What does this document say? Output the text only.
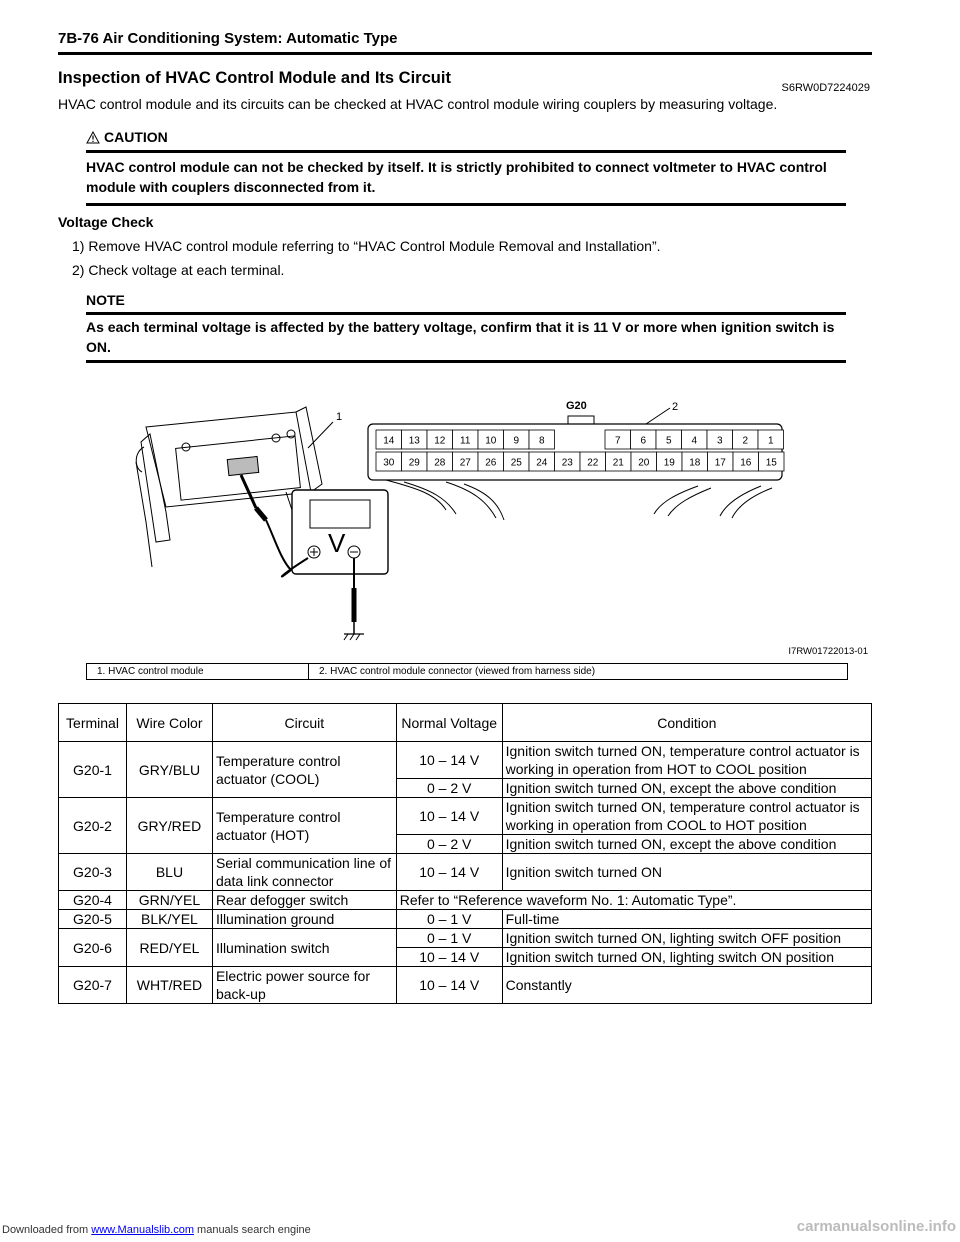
7B-76 Air Conditioning System: Automatic Type
Inspection of HVAC Control Module and Its Circuit
S6RW0D7224029
HVAC control module and its circuits can be checked at HVAC control module wiring couplers by measuring voltage.
CAUTION
HVAC control module can not be checked by itself. It is strictly prohibited to connect voltmeter to HVAC control module with couplers disconnected from it.
Voltage Check
1) Remove HVAC control module referring to “HVAC Control Module Removal and Installation”.
2) Check voltage at each terminal.
NOTE
As each terminal voltage is affected by the battery voltage, confirm that it is 11 V or more when ignition switch is ON.
1
V
G20	2
14 13 12 11 10 9 8	7 6 5 4 3 2 1
30 29 28 27 26 25 24 23 22 21 20 19 18 17 16 15
I7RW01722013-01
1. HVAC control module	2. HVAC control module connector (viewed from harness side)
Terminal	Wire Color	Circuit	Normal Voltage	Condition
G20-1	GRY/BLU	Temperature control actuator (COOL)	10 – 14 V	Ignition switch turned ON, temperature control actuator is working in operation from HOT to COOL position
			0 – 2 V	Ignition switch turned ON, except the above condition
G20-2	GRY/RED	Temperature control actuator (HOT)	10 – 14 V	Ignition switch turned ON, temperature control actuator is working in operation from COOL to HOT position
			0 – 2 V	Ignition switch turned ON, except the above condition
G20-3	BLU	Serial communication line of data link connector	10 – 14 V	Ignition switch turned ON
G20-4	GRN/YEL	Rear defogger switch	Refer to “Reference waveform No. 1: Automatic Type”.	
G20-5	BLK/YEL	Illumination ground	0 – 1 V	Full-time
G20-6	RED/YEL	Illumination switch	0 – 1 V	Ignition switch turned ON, lighting switch OFF position
			10 – 14 V	Ignition switch turned ON, lighting switch ON position
G20-7	WHT/RED	Electric power source for back-up	10 – 14 V	Constantly
Downloaded from www.Manualslib.com manuals search engine	carmanualsonline.info
